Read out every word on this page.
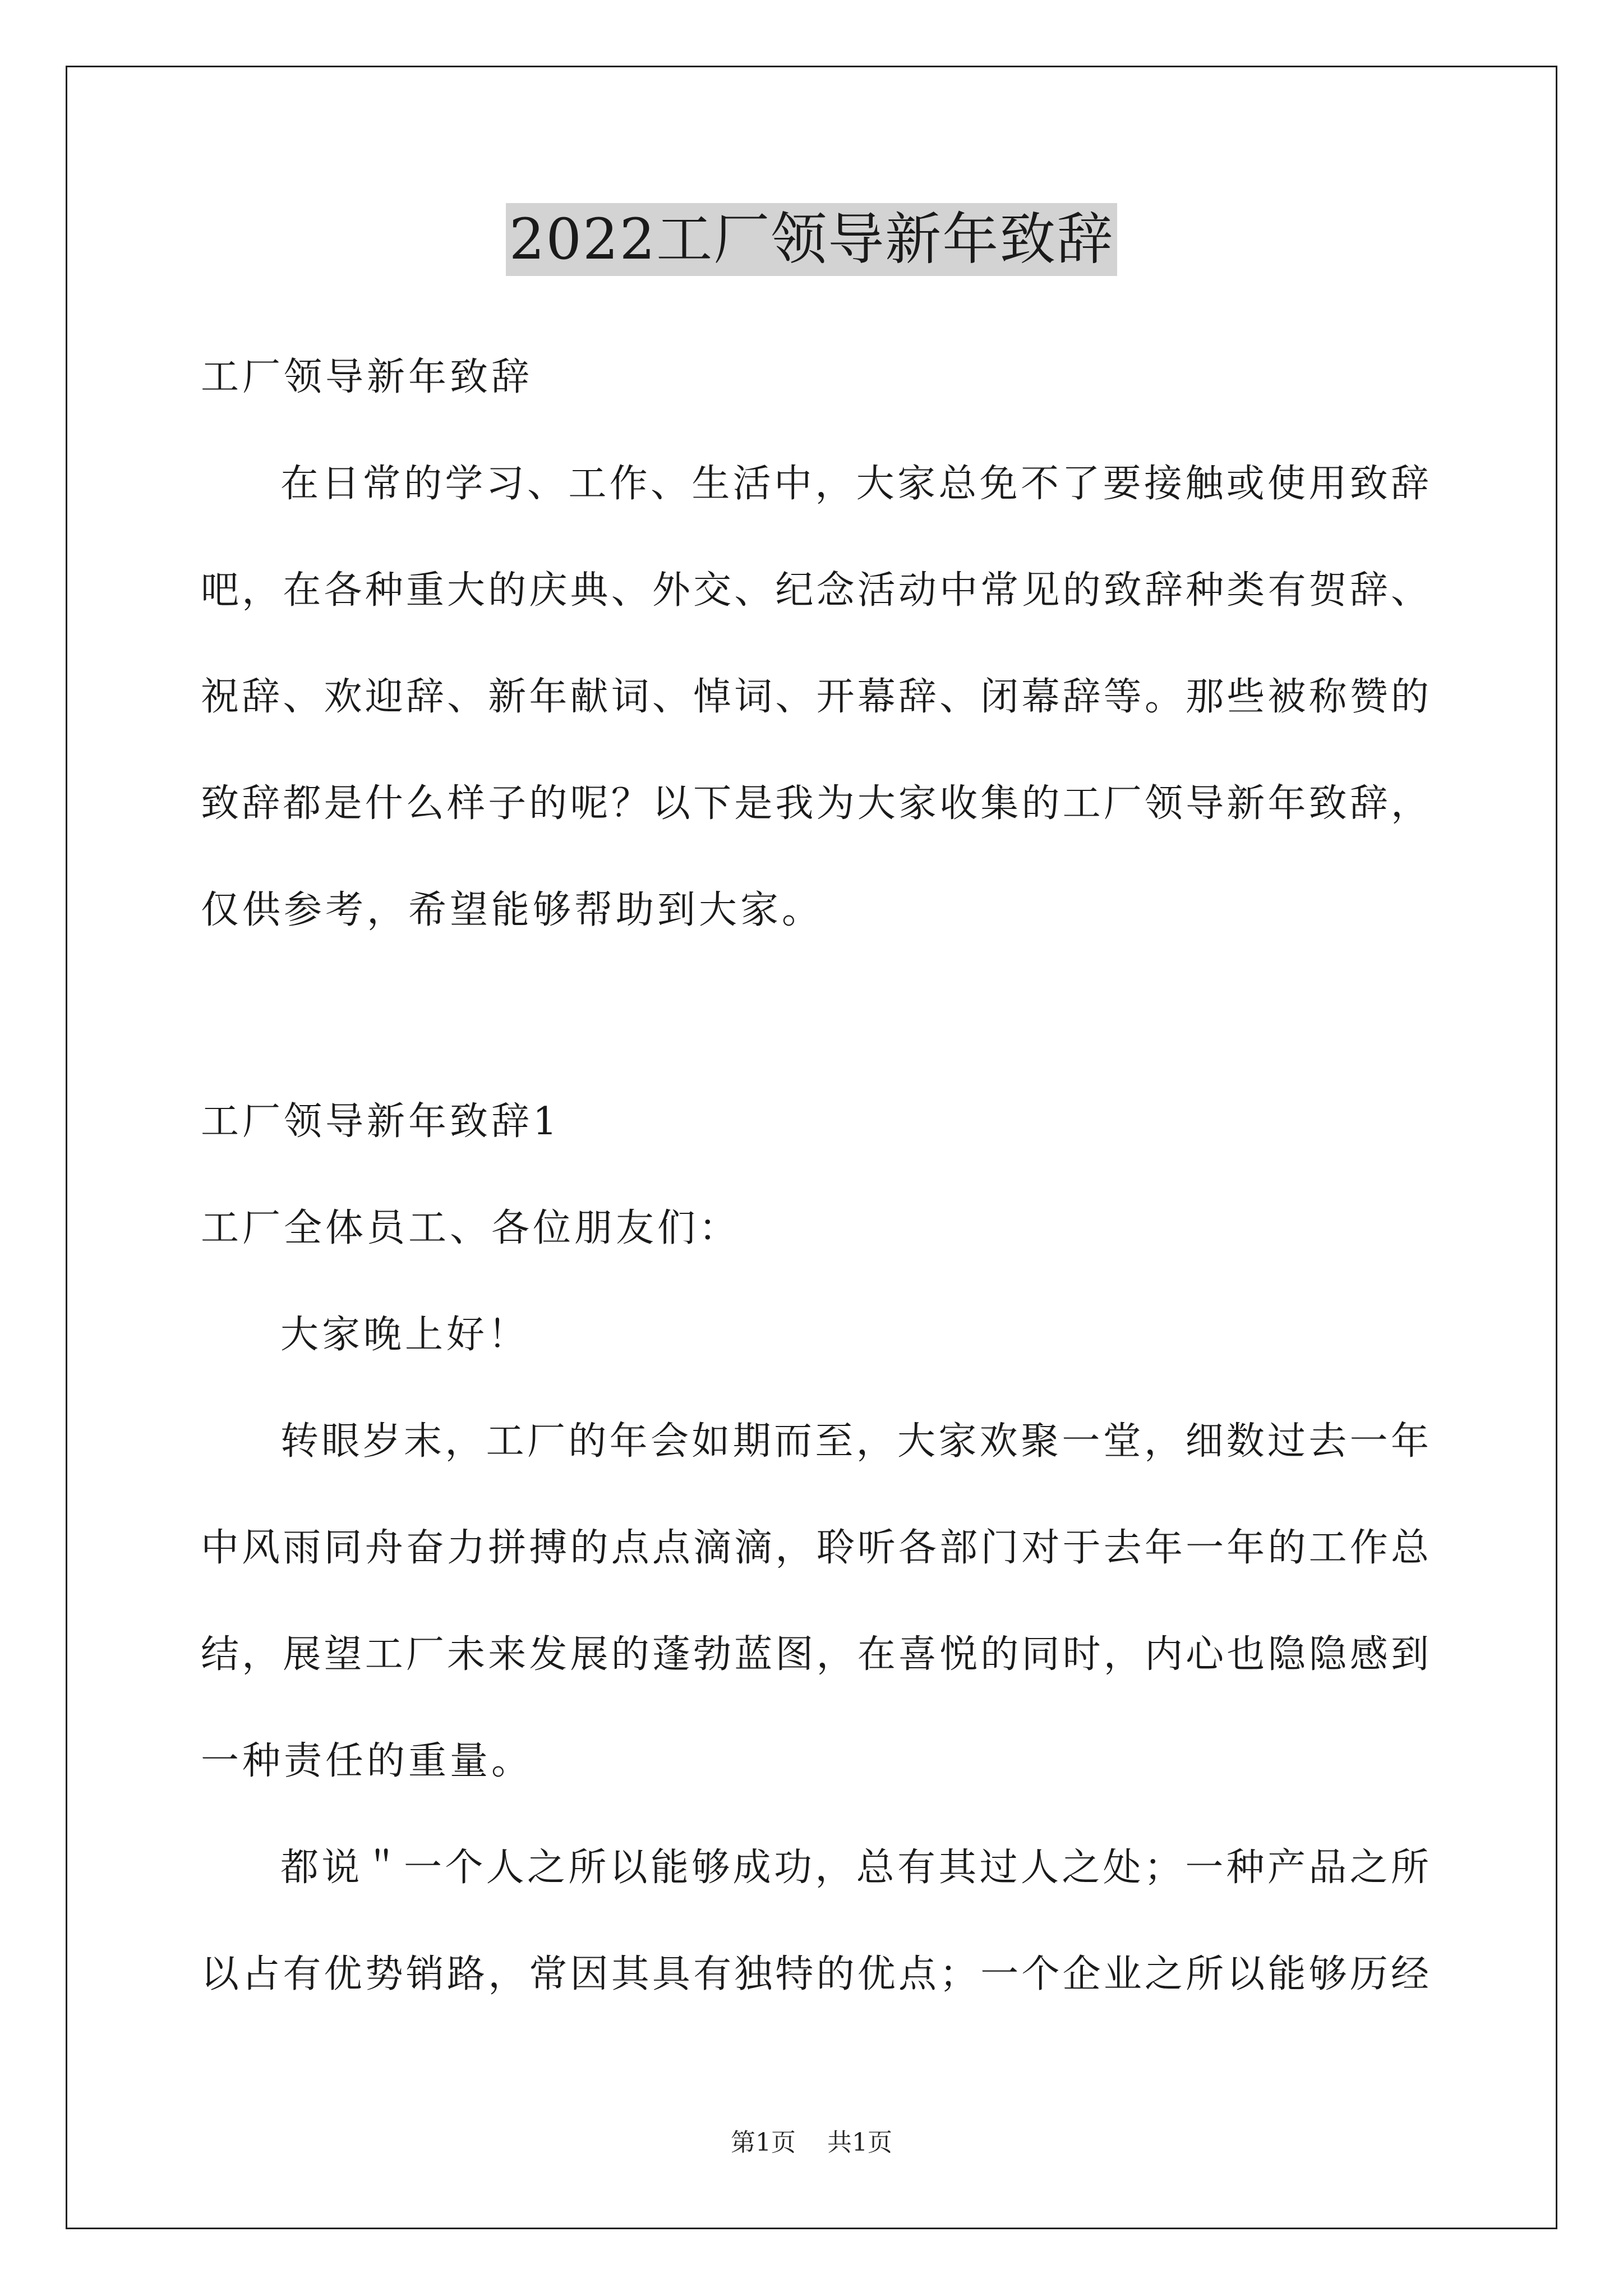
2022工厂领导新年致辞
工厂领导新年致辞
在日常的学习、工作、生活中，大家总免不了要接触或使用致辞
吧，在各种重大的庆典、外交、纪念活动中常见的致辞种类有贺辞、
祝辞、欢迎辞、新年献词、悼词、开幕辞、闭幕辞等。那些被称赞的
致辞都是什么样子的呢？以下是我为大家收集的工厂领导新年致辞，
仅供参考，希望能够帮助到大家。
工厂领导新年致辞1
工厂全体员工、各位朋友们：
大家晚上好！
转眼岁末，工厂的年会如期而至，大家欢聚一堂，细数过去一年
中风雨同舟奋力拼搏的点点滴滴，聆听各部门对于去年一年的工作总
结，展望工厂未来发展的蓬勃蓝图，在喜悦的同时，内心也隐隐感到
一种责任的重量。
都说＂一个人之所以能够成功，总有其过人之处；一种产品之所
以占有优势销路，常因其具有独特的优点；一个企业之所以能够历经
第1页 共1页
